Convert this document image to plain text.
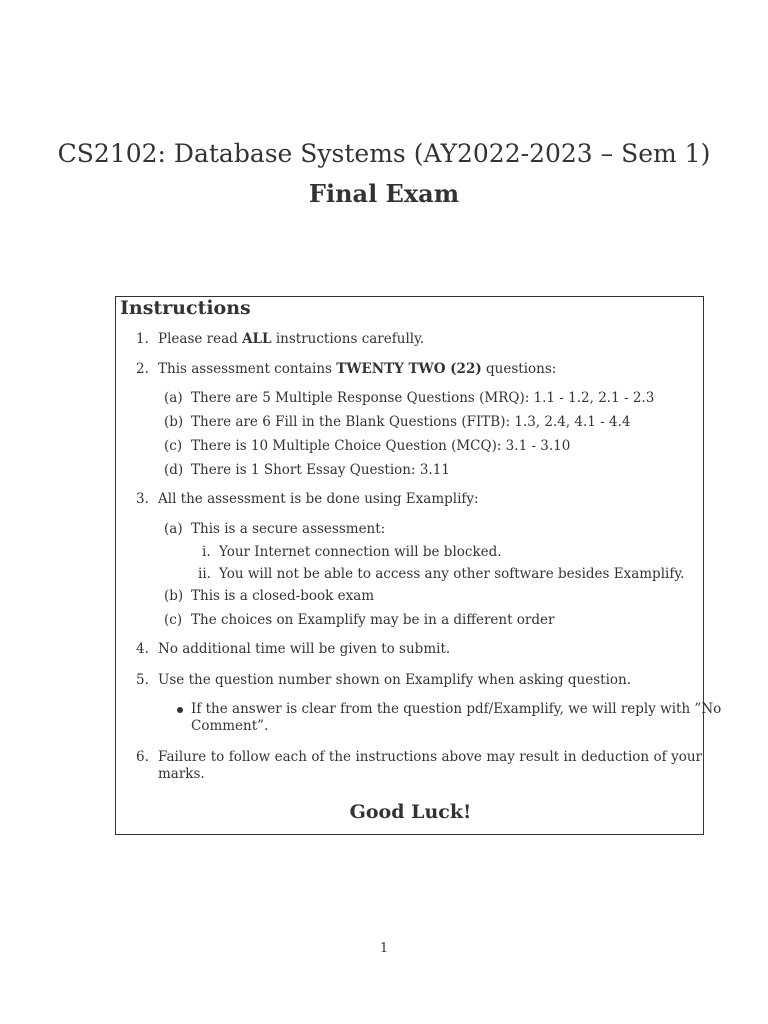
CS2102: Database Systems (AY2022-2023 – Sem 1)
Final Exam
Instructions
1. Please read ALL instructions carefully.
2. This assessment contains TWENTY TWO (22) questions:
(a) There are 5 Multiple Response Questions (MRQ): 1.1 - 1.2, 2.1 - 2.3
(b) There are 6 Fill in the Blank Questions (FITB): 1.3, 2.4, 4.1 - 4.4
(c) There is 10 Multiple Choice Question (MCQ): 3.1 - 3.10
(d) There is 1 Short Essay Question: 3.11
3. All the assessment is be done using Examplify:
(a) This is a secure assessment:
i. Your Internet connection will be blocked.
ii. You will not be able to access any other software besides Examplify.
(b) This is a closed-book exam
(c) The choices on Examplify may be in a different order
4. No additional time will be given to submit.
5. Use the question number shown on Examplify when asking question.
If the answer is clear from the question pdf/Examplify, we will reply with ”No
Comment”.
6. Failure to follow each of the instructions above may result in deduction of your
marks.
Good Luck!
1
